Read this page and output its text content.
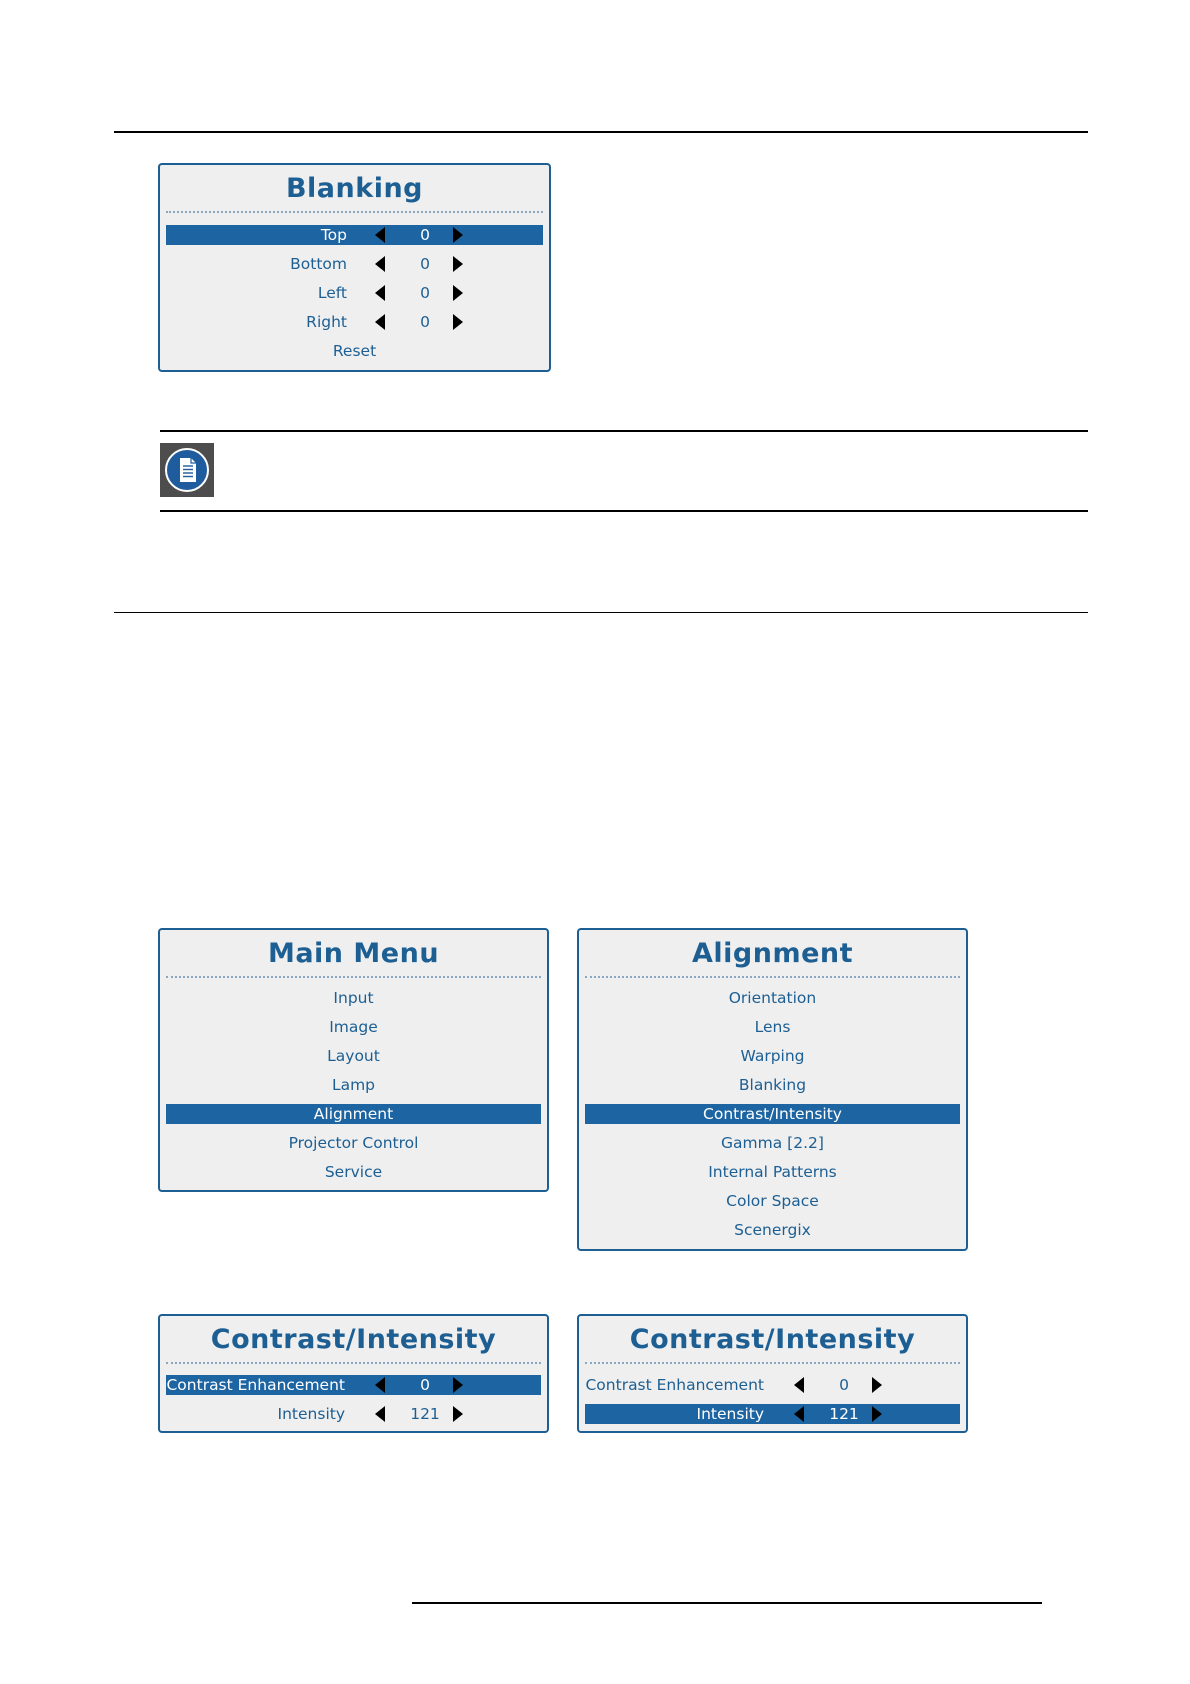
Blanking
Top	0
Bottom	0
Left	0
Right	0
Reset
Main Menu
Input
Image
Layout
Lamp
Alignment
Projector Control
Service
Alignment
Orientation
Lens
Warping
Blanking
Contrast/Intensity
Gamma [2.2]
Internal Patterns
Color Space
Scenergix
Contrast/Intensity
Contrast Enhancement	0
Intensity	121
Contrast/Intensity
Contrast Enhancement	0
Intensity	121
